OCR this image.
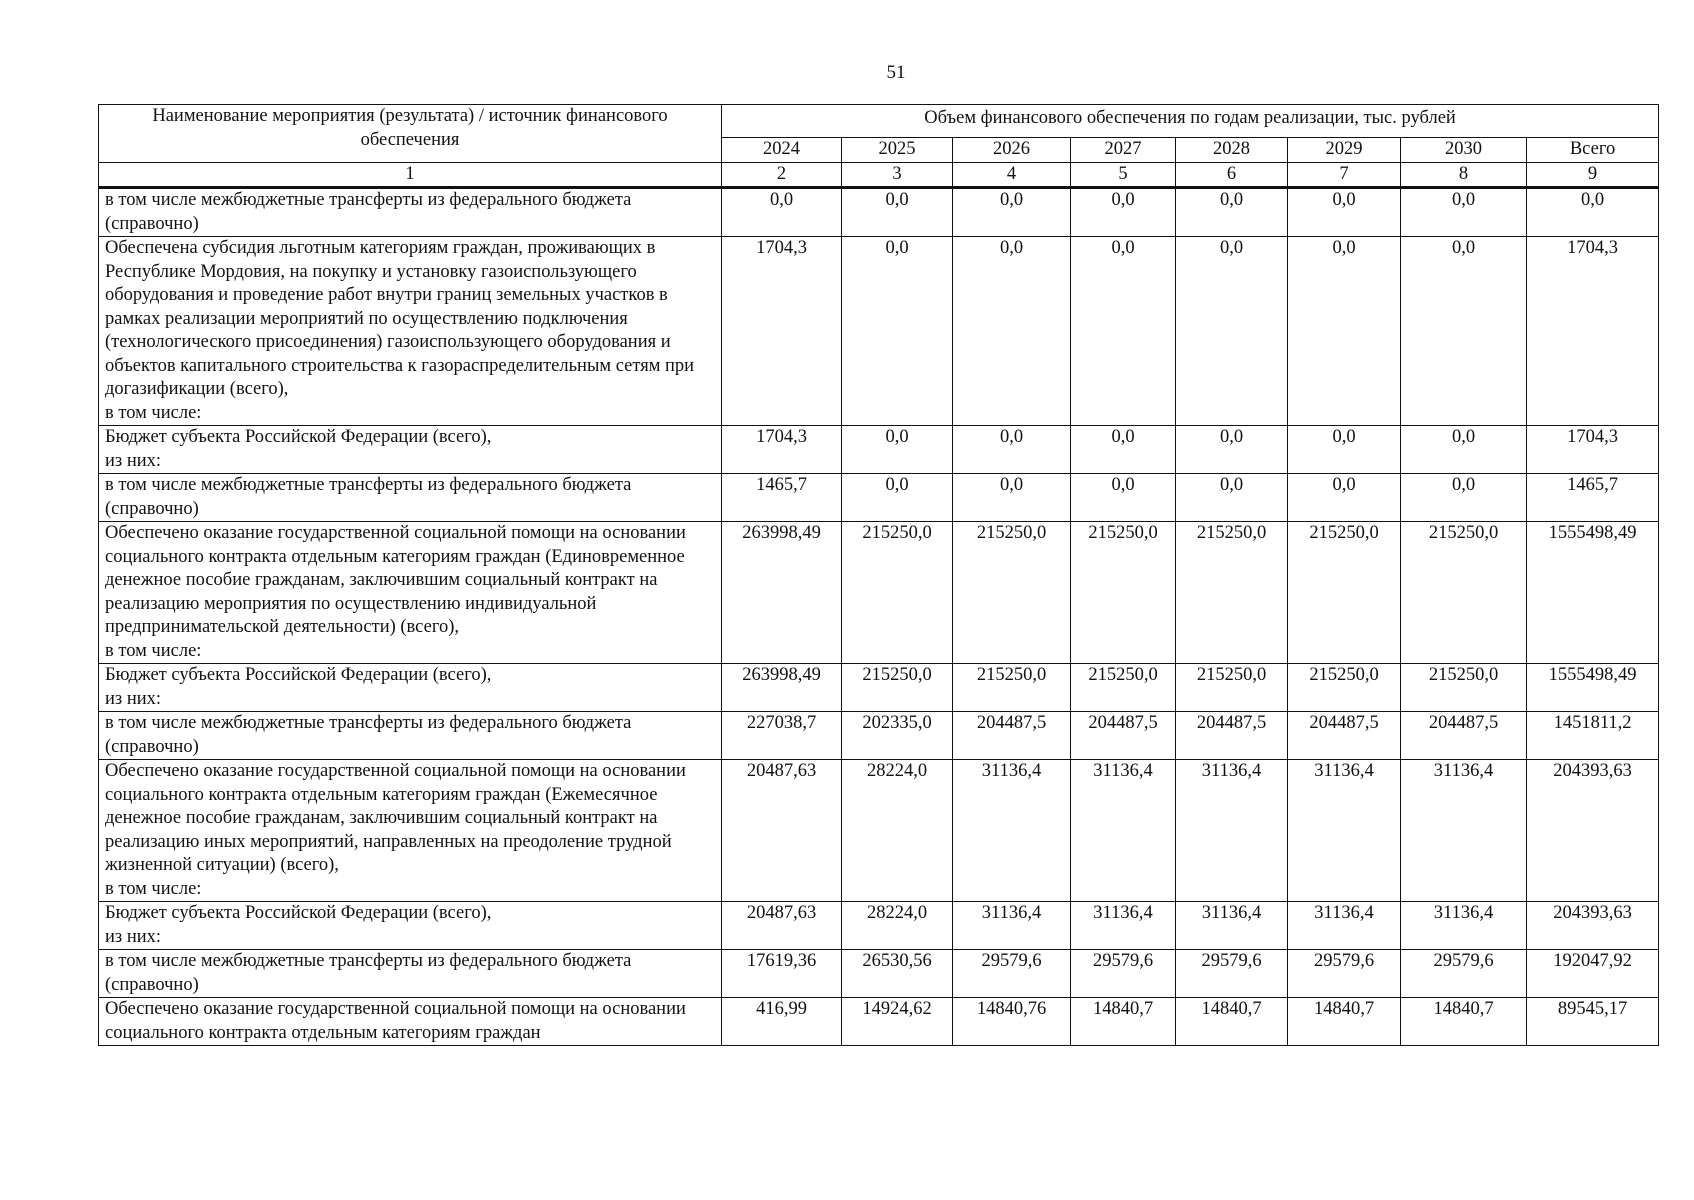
51
Наименование мероприятия (результата) / источник финансового обеспечения	Объем финансового обеспечения по годам реализации, тыс. рублей							
	2024	2025	2026	2027	2028	2029	2030	Всего
1	2	3	4	5	6	7	8	9
в том числе межбюджетные трансферты из федерального бюджета (справочно)	0,0	0,0	0,0	0,0	0,0	0,0	0,0	0,0
Обеспечена субсидия льготным категориям граждан, проживающих в Республике Мордовия, на покупку и установку газоиспользующего оборудования и проведение работ внутри границ земельных участков в рамках реализации мероприятий по осуществлению подключения (технологического присоединения) газоиспользующего оборудования и объектов капитального строительства к газораспределительным сетям при догазификации (всего),
в том числе:	1704,3	0,0	0,0	0,0	0,0	0,0	0,0	1704,3
Бюджет субъекта Российской Федерации (всего),
из них:	1704,3	0,0	0,0	0,0	0,0	0,0	0,0	1704,3
в том числе межбюджетные трансферты из федерального бюджета (справочно)	1465,7	0,0	0,0	0,0	0,0	0,0	0,0	1465,7
Обеспечено оказание государственной социальной помощи на основании социального контракта отдельным категориям граждан (Единовременное денежное пособие гражданам, заключившим социальный контракт на реализацию мероприятия по осуществлению индивидуальной предпринимательской деятельности) (всего),
в том числе:	263998,49	215250,0	215250,0	215250,0	215250,0	215250,0	215250,0	1555498,49
Бюджет субъекта Российской Федерации (всего),
из них:	263998,49	215250,0	215250,0	215250,0	215250,0	215250,0	215250,0	1555498,49
в том числе межбюджетные трансферты из федерального бюджета (справочно)	227038,7	202335,0	204487,5	204487,5	204487,5	204487,5	204487,5	1451811,2
Обеспечено оказание государственной социальной помощи на основании социального контракта отдельным категориям граждан (Ежемесячное денежное пособие гражданам, заключившим социальный контракт на реализацию иных мероприятий, направленных на преодоление трудной жизненной ситуации) (всего),
в том числе:	20487,63	28224,0	31136,4	31136,4	31136,4	31136,4	31136,4	204393,63
Бюджет субъекта Российской Федерации (всего),
из них:	20487,63	28224,0	31136,4	31136,4	31136,4	31136,4	31136,4	204393,63
в том числе межбюджетные трансферты из федерального бюджета (справочно)	17619,36	26530,56	29579,6	29579,6	29579,6	29579,6	29579,6	192047,92
Обеспечено оказание государственной социальной помощи на основании социального контракта отдельным категориям граждан	416,99	14924,62	14840,76	14840,7	14840,7	14840,7	14840,7	89545,17
